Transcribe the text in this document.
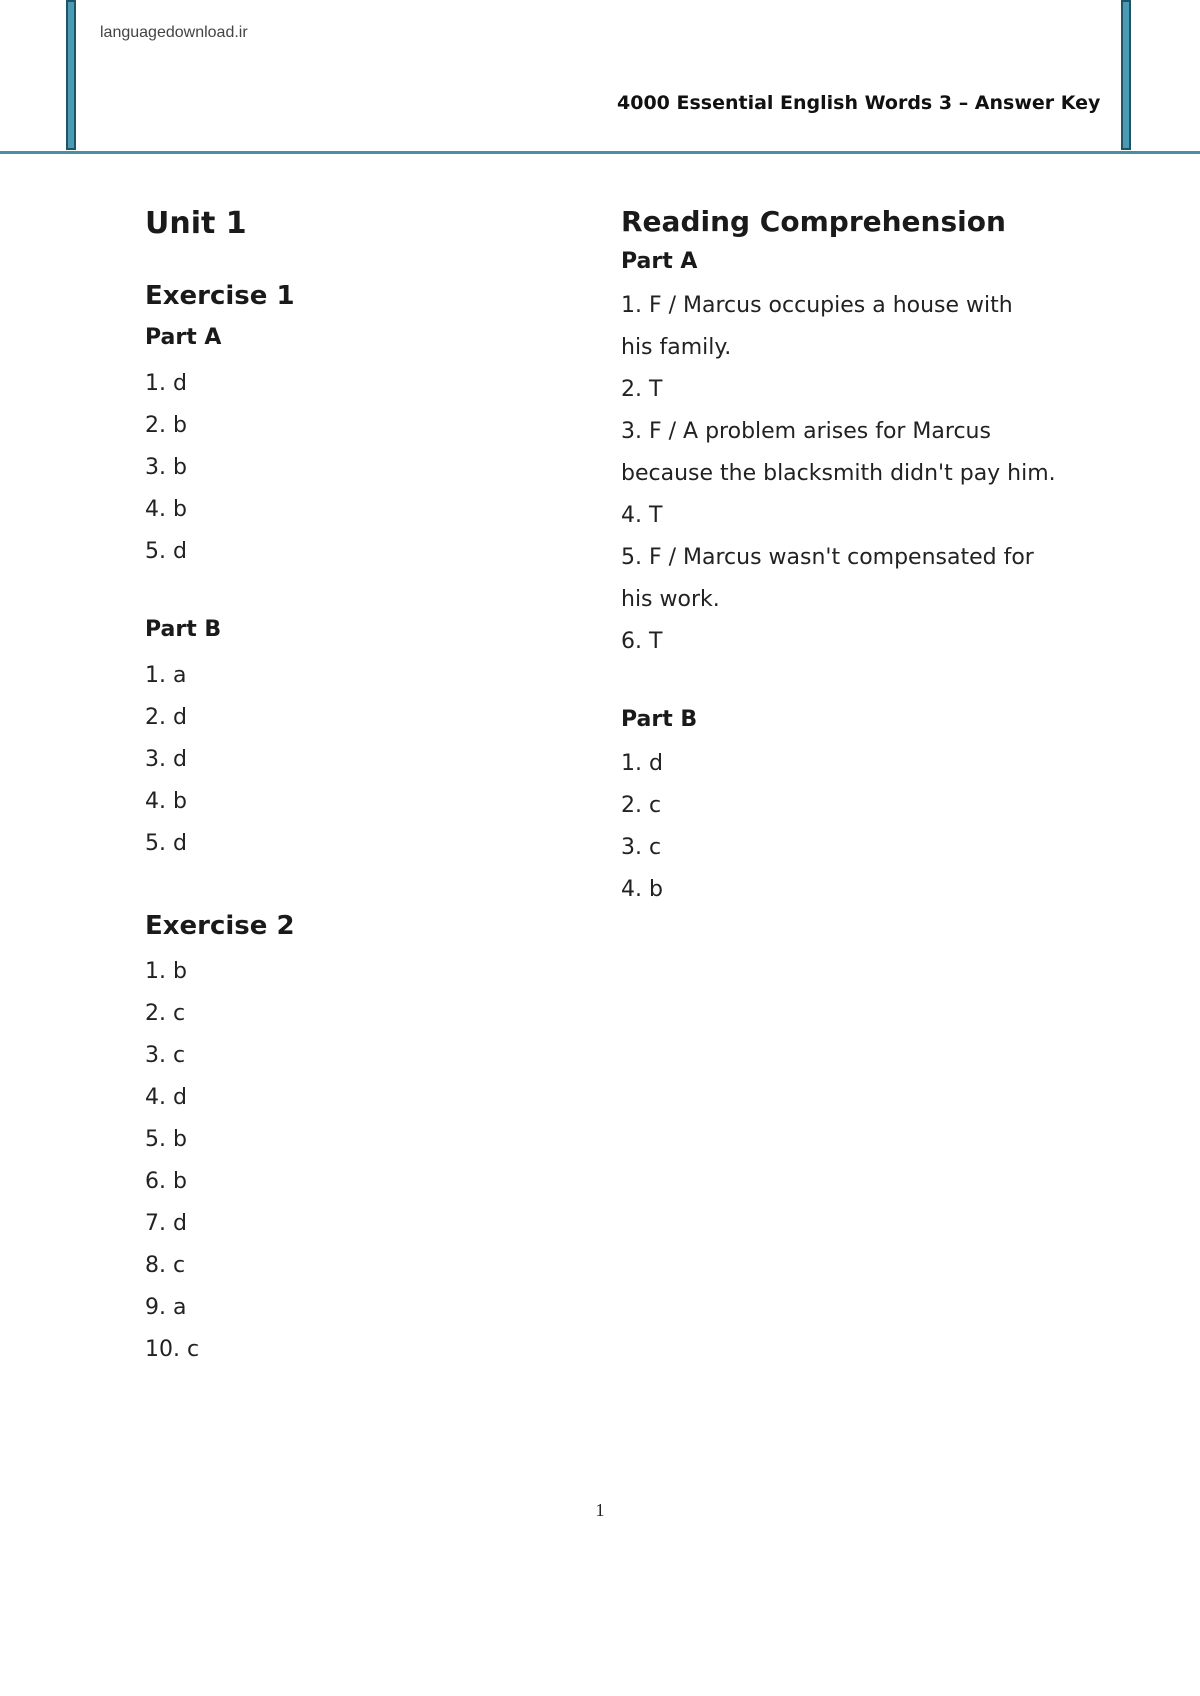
languagedownload.ir
4000 Essential English Words 3 – Answer Key
Unit 1
Exercise 1
Part A
1. d
2. b
3. b
4. b
5. d
Part B
1. a
2. d
3. d
4. b
5. d
Exercise 2
1. b
2. c
3. c
4. d
5. b
6. b
7. d
8. c
9. a
10. c
Reading Comprehension
Part A
1. F / Marcus occupies a house with
his family.
2. T
3. F / A problem arises for Marcus
because the blacksmith didn't pay him.
4. T
5. F / Marcus wasn't compensated for
his work.
6. T
Part B
1. d
2. c
3. c
4. b
1
